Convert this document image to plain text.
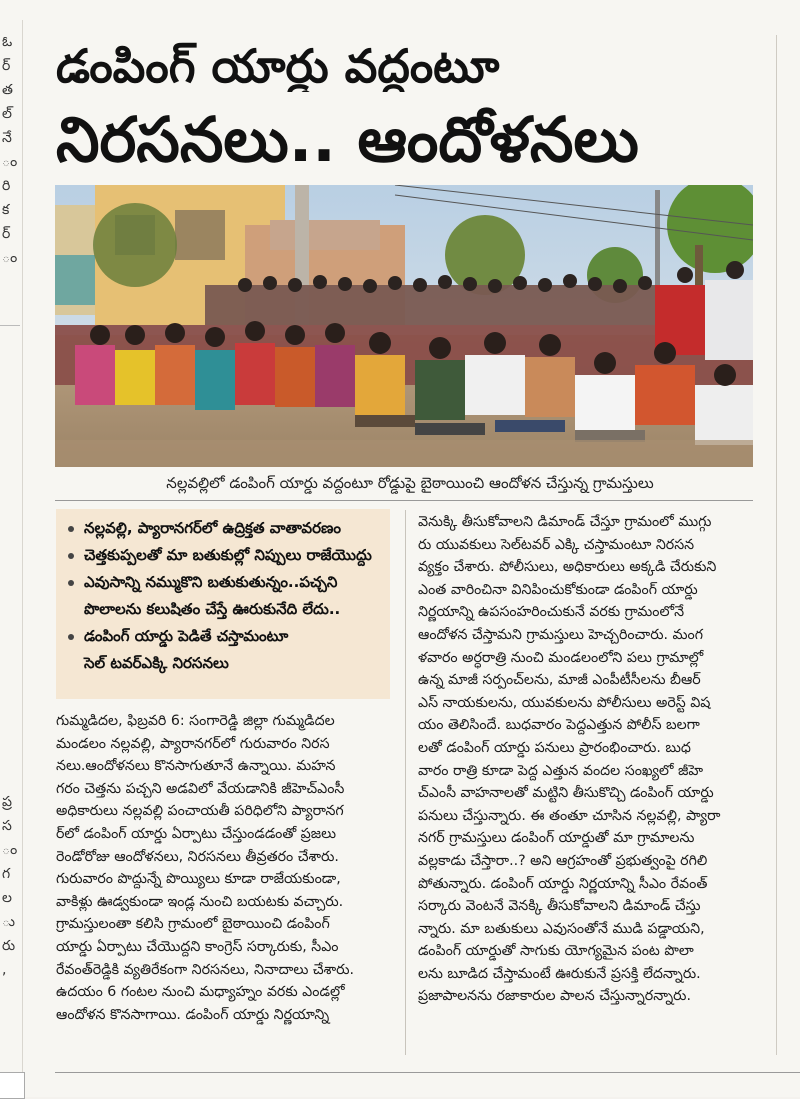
ఓ
ర్
త
ల్
నే
ం
రి
క
ర్
ం
ప్ర
స
ం
గ
ల
ు
రు
,
డంపింగ్ యార్డు వద్దంటూ
నిరసనలు.. ఆందోళనలు
నల్లవల్లిలో డంపింగ్ యార్డు వద్దంటూ రోడ్డుపై బైఠాయించి ఆందోళన చేస్తున్న గ్రామస్తులు
నల్లవల్లి, ప్యారానగర్‌లో ఉద్రిక్తత వాతావరణం
చెత్తకుప్పలతో మా బతుకుల్లో నిప్పులు రాజేయొద్దు
ఎవుసాన్ని నమ్ముకొని బతుకుతున్నం..పచ్చని
పొలాలను కలుషితం చేస్తే ఊరుకునేది లేదు..
డంపింగ్ యార్డు పెడితే చస్తామంటూ
సెల్ టవర్‌ఎక్కి నిరసనలు
గుమ్మడిదల, ఫిబ్రవరి 6: సంగారెడ్డి జిల్లా గుమ్మడిదల
మండలం నల్లవల్లి, ప్యారానగర్‌లో గురువారం నిరస
నలు.ఆందోళనలు కొనసాగుతూనే ఉన్నాయి. మహన
గరం చెత్తను పచ్చని అడవిలో వేయడానికి జీహెచ్‌ఎంసీ
అధికారులు నల్లవల్లి పంచాయతీ పరిధిలోని ప్యారానగ
ర్‌లో డంపింగ్ యార్డు ఏర్పాటు చేస్తుండడంతో ప్రజలు
రెండోరోజు ఆందోళనలు, నిరసనలు తీవ్రతరం చేశారు.
గురువారం పొద్దున్నే పొయ్యిలు కూడా రాజేయకుండా,
వాకిళ్లు ఊడ్వకుండా ఇండ్ల నుంచి బయటకు వచ్చారు.
గ్రామస్తులంతా కలిసి గ్రామంలో బైఠాయించి డంపింగ్
యార్డు ఏర్పాటు చేయొద్దని కాంగ్రెస్ సర్కారుకు, సీఎం
రేవంత్‌రెడ్డికి వ్యతిరేకంగా నిరసనలు, నినాదాలు చేశారు.
ఉదయం 6 గంటల నుంచి మధ్యాహ్నం వరకు ఎండల్లో
ఆందోళన కొనసాగాయి. డంపింగ్ యార్డు నిర్ణయాన్ని
వెనుక్కి తీసుకోవాలని డిమాండ్ చేస్తూ గ్రామంలో ముగ్గు
రు యువకులు సెల్‌టవర్ ఎక్కి చస్తామంటూ నిరసన
వ్యక్తం చేశారు. పోలీసులు, అధికారులు అక్కడి చేరుకుని
ఎంత వారించినా వినిపించుకోకుండా డంపింగ్ యార్డు
నిర్ణయాన్ని ఉపసంహరించుకునే వరకు గ్రామంలోనే
ఆందోళన చేస్తామని గ్రామస్తులు హెచ్చరించారు. మంగ
ళవారం అర్ధరాత్రి నుంచి మండలంలోని పలు గ్రామాల్లో
ఉన్న మాజీ సర్పంచ్‌లను, మాజీ ఎంపీటీసీలను బీఆర్
ఎస్ నాయకులను, యువకులను పోలీసులు అరెస్ట్ విష
యం తెలిసిందే. బుధవారం పెద్దఎత్తున పోలీస్ బలగా
లతో డంపింగ్ యార్డు పనులు ప్రారంభించారు. బుధ
వారం రాత్రి కూడా పెద్ద ఎత్తున వందల సంఖ్యలో జీహె
చ్‌ఎంసీ వాహనాలతో మట్టిని తీసుకొచ్చి డంపింగ్ యార్డు
పనులు చేస్తున్నారు. ఈ తంతూ చూసిన నల్లవల్లి, ప్యారా
నగర్ గ్రామస్తులు డంపింగ్ యార్డుతో మా గ్రామాలను
వల్లకాడు చేస్తారా..? అని ఆగ్రహంతో ప్రభుత్వంపై రగిలి
పోతున్నారు. డంపింగ్ యార్డు నిర్ణయాన్ని సీఎం రేవంత్
సర్కారు వెంటనే వెనక్కి తీసుకోవాలని డిమాండ్ చేస్తు
న్నారు. మా బతుకులు ఎవుసంతోనే ముడి పడ్డాయని,
డంపింగ్ యార్డుతో సాగుకు యోగ్యమైన పంట పొలా
లను బూడిద చేస్తామంటే ఊరుకునే ప్రసక్తి లేదన్నారు.
ప్రజాపాలనను రజాకారుల పాలన చేస్తున్నారన్నారు.
